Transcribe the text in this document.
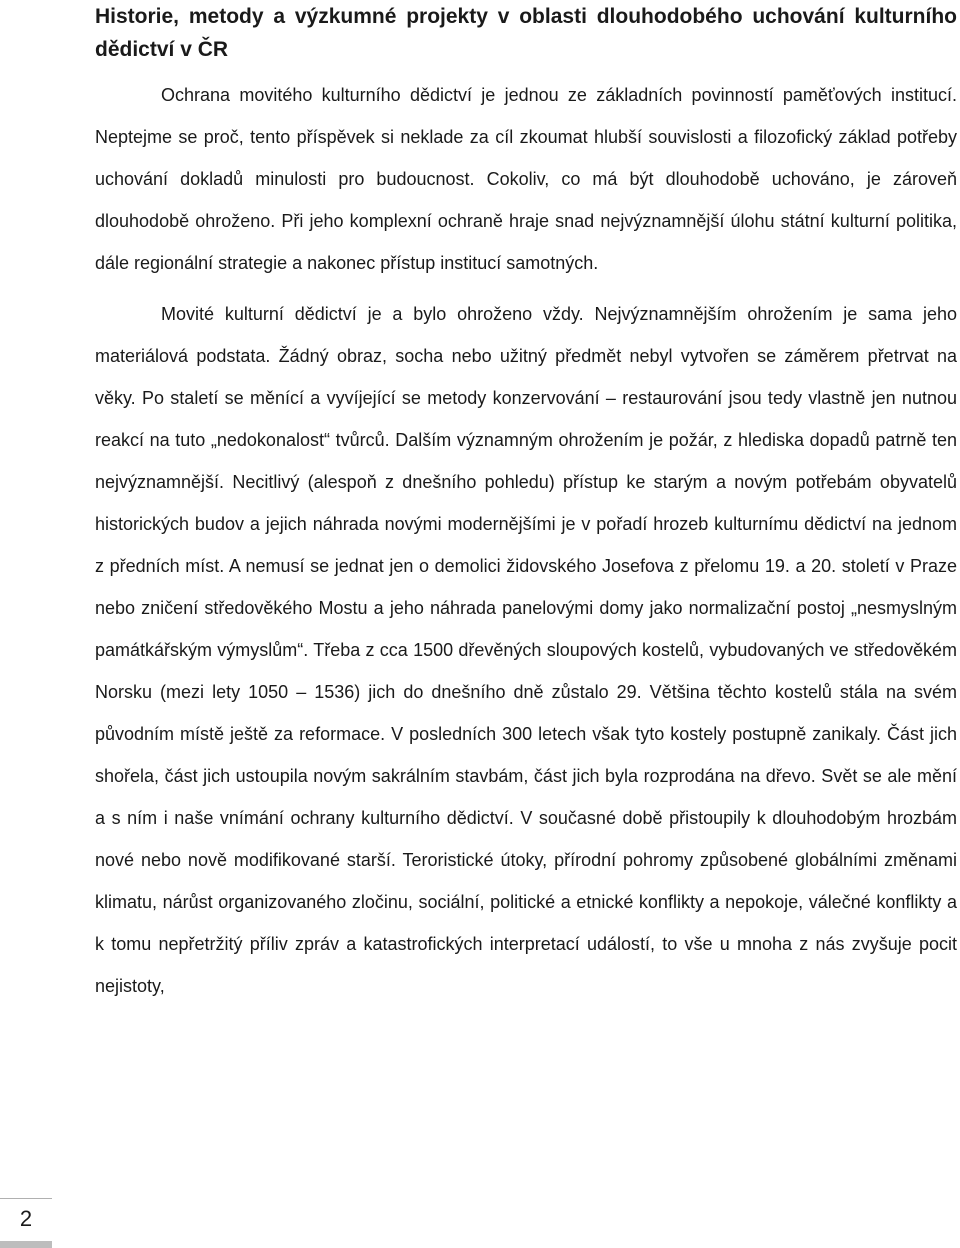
Historie, metody a výzkumné projekty v oblasti dlouhodobého uchování kulturního dědictví v ČR

Ochrana movitého kulturního dědictví je jednou ze základních povinností paměťových institucí. Neptejme se proč, tento příspěvek si neklade za cíl zkoumat hlubší souvislosti a filozofický základ potřeby uchování dokladů minulosti pro budoucnost. Cokoliv, co má být dlouhodobě uchováno, je zároveň dlouhodobě ohroženo. Při jeho komplexní ochraně hraje snad nejvýznamnější úlohu státní kulturní politika, dále regionální strategie a nakonec přístup institucí samotných.

Movité kulturní dědictví je a bylo ohroženo vždy. Nejvýznamnějším ohrožením je sama jeho materiálová podstata. Žádný obraz, socha nebo užitný předmět nebyl vytvořen se záměrem přetrvat na věky. Po staletí se měnící a vyvíjející se metody konzervování – restaurování jsou tedy vlastně jen nutnou reakcí na tuto „nedokonalost“ tvůrců. Dalším významným ohrožením je požár, z hlediska dopadů patrně ten nejvýznamnější. Necitlivý (alespoň z dnešního pohledu) přístup ke starým a novým potřebám obyvatelů historických budov a jejich náhrada novými modernějšími je v pořadí hrozeb kulturnímu dědictví na jednom z předních míst. A nemusí se jednat jen o demolici židovského Josefova z přelomu 19. a 20. století v Praze nebo zničení středověkého Mostu a jeho náhrada panelovými domy jako normalizační postoj „nesmyslným památkářským výmyslům“. Třeba z cca 1500 dřevěných sloupových kostelů, vybudovaných ve středověkém Norsku (mezi lety 1050 – 1536) jich do dnešního dně zůstalo 29. Většina těchto kostelů stála na svém původním místě ještě za reformace. V posledních 300 letech však tyto kostely postupně zanikaly. Část jich shořela, část jich ustoupila novým sakrálním stavbám, část jich byla rozprodána na dřevo. Svět se ale mění a s ním i naše vnímání ochrany kulturního dědictví. V současné době přistoupily k dlouhodobým hrozbám nové nebo nově modifikované starší. Teroristické útoky, přírodní pohromy způsobené globálními změnami klimatu, nárůst organizovaného zločinu, sociální, politické a etnické konflikty a nepokoje, válečné konflikty a k tomu nepřetržitý příliv zpráv a katastrofických interpretací událostí, to vše u mnoha z nás zvyšuje pocit nejistoty,

2
